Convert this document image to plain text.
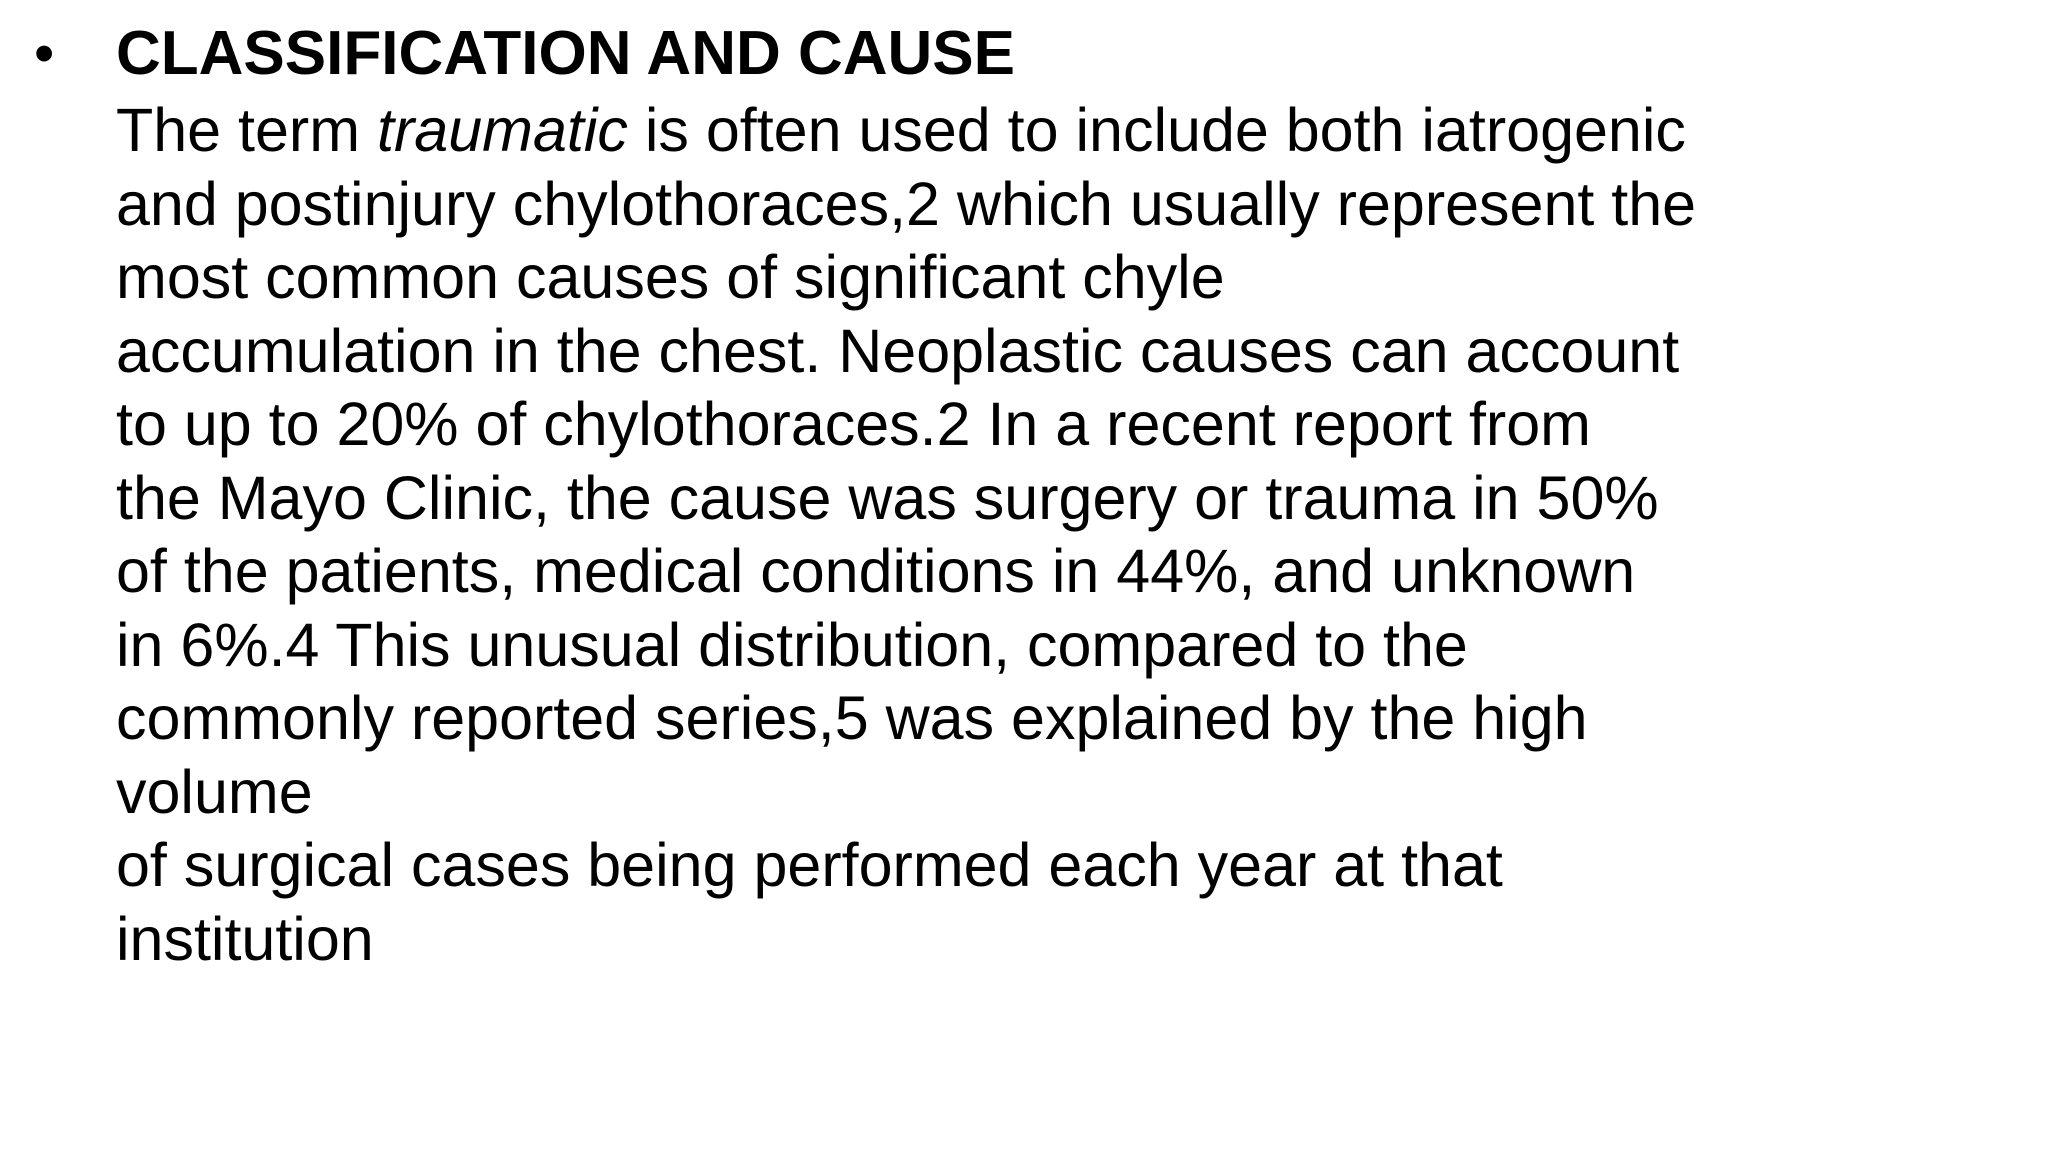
• CLASSIFICATION AND CAUSE
The term traumatic is often used to include both iatrogenic
and postinjury chylothoraces,2 which usually represent the
most common causes of significant chyle
accumulation in the chest. Neoplastic causes can account
to up to 20% of chylothoraces.2 In a recent report from
the Mayo Clinic, the cause was surgery or trauma in 50%
of the patients, medical conditions in 44%, and unknown
in 6%.4 This unusual distribution, compared to the
commonly reported series,5 was explained by the high
volume
of surgical cases being performed each year at that
institution
